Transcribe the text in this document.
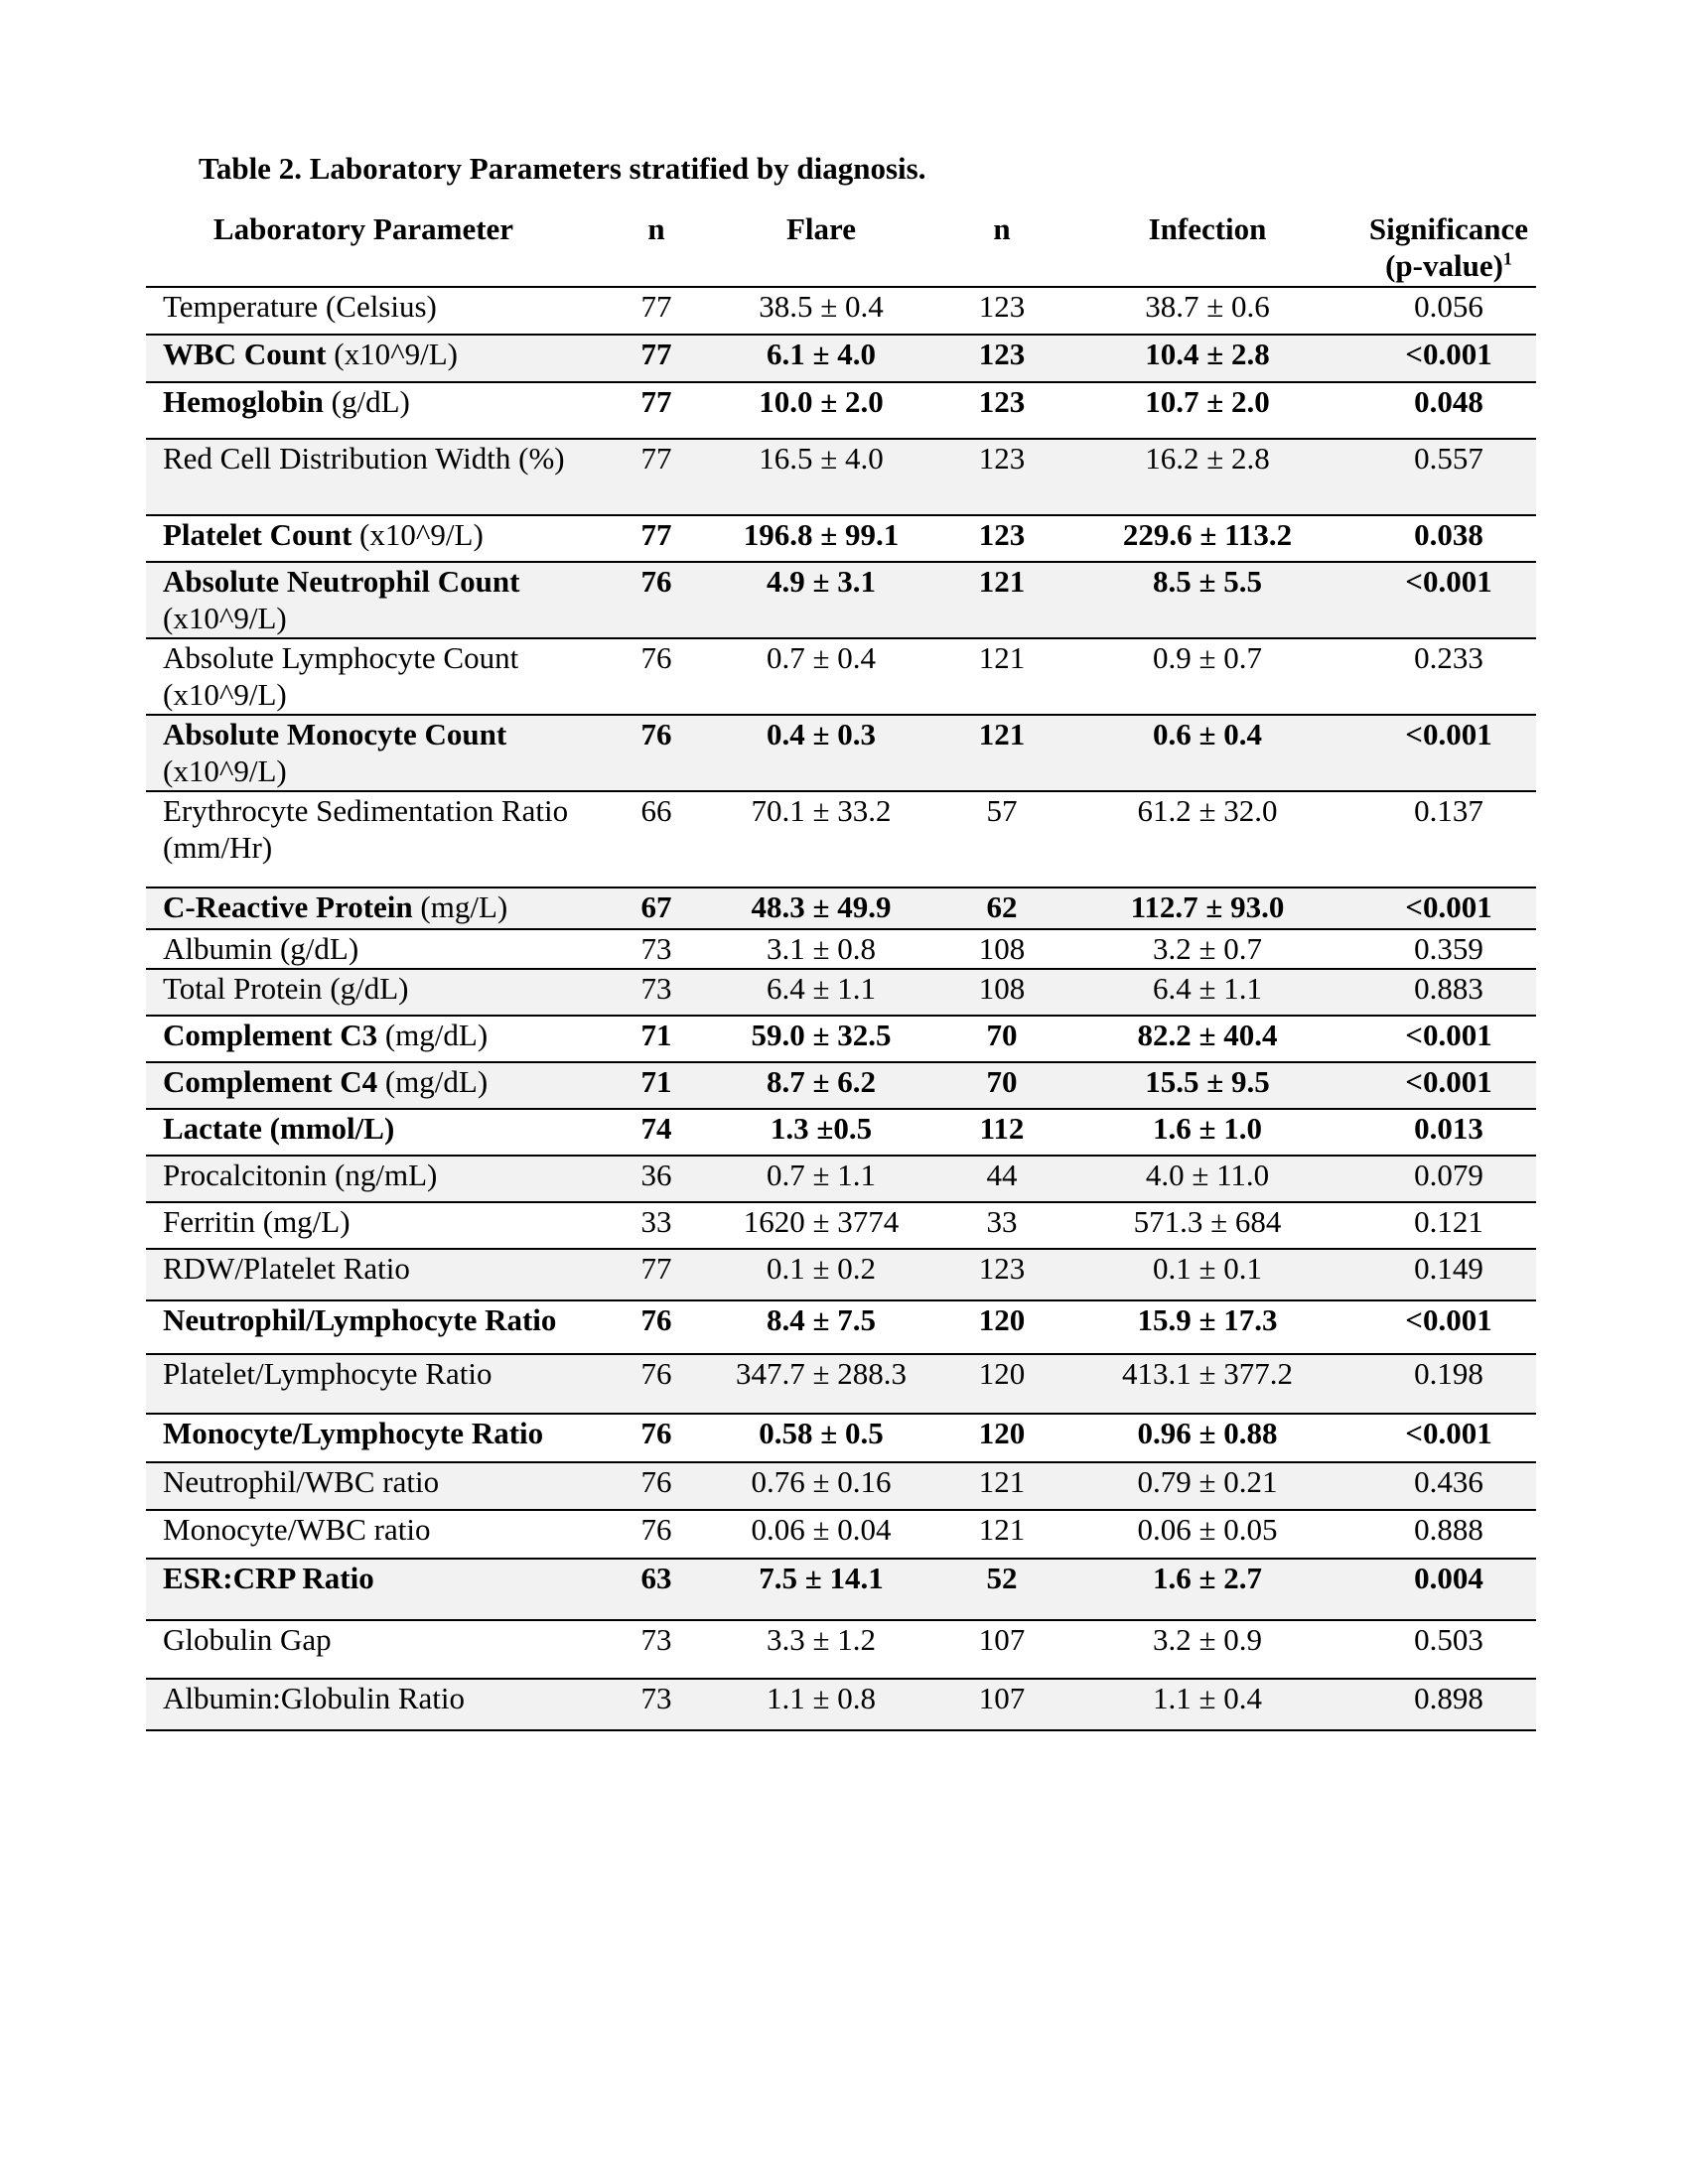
Table 2. Laboratory Parameters stratified by diagnosis.
Laboratory Parameter	n	Flare	n	Infection	Significance
(p-value)$^1$
Temperature (Celsius)	77	38.5 ± 0.4	123	38.7 ± 0.6	0.056
WBC Count (x10^9/L)	77	6.1 ± 4.0	123	10.4 ± 2.8	<0.001
Hemoglobin (g/dL)	77	10.0 ± 2.0	123	10.7 ± 2.0	0.048
Red Cell Distribution Width (%)	77	16.5 ± 4.0	123	16.2 ± 2.8	0.557
Platelet Count (x10^9/L)	77	196.8 ± 99.1	123	229.6 ± 113.2	0.038
Absolute Neutrophil Count (x10^9/L)	76	4.9 ± 3.1	121	8.5 ± 5.5	<0.001
Absolute Lymphocyte Count (x10^9/L)	76	0.7 ± 0.4	121	0.9 ± 0.7	0.233
Absolute Monocyte Count (x10^9/L)	76	0.4 ± 0.3	121	0.6 ± 0.4	<0.001
Erythrocyte Sedimentation Ratio (mm/Hr)	66	70.1 ± 33.2	57	61.2 ± 32.0	0.137
C-Reactive Protein (mg/L)	67	48.3 ± 49.9	62	112.7 ± 93.0	<0.001
Albumin (g/dL)	73	3.1 ± 0.8	108	3.2 ± 0.7	0.359
Total Protein (g/dL)	73	6.4 ± 1.1	108	6.4 ± 1.1	0.883
Complement C3 (mg/dL)	71	59.0 ± 32.5	70	82.2 ± 40.4	<0.001
Complement C4 (mg/dL)	71	8.7 ± 6.2	70	15.5 ± 9.5	<0.001
Lactate (mmol/L)	74	1.3 ±0.5	112	1.6 ± 1.0	0.013
Procalcitonin (ng/mL)	36	0.7 ± 1.1	44	4.0 ± 11.0	0.079
Ferritin (mg/L)	33	1620 ± 3774	33	571.3 ± 684	0.121
RDW/Platelet Ratio	77	0.1 ± 0.2	123	0.1 ± 0.1	0.149
Neutrophil/Lymphocyte Ratio	76	8.4 ± 7.5	120	15.9 ± 17.3	<0.001
Platelet/Lymphocyte Ratio	76	347.7 ± 288.3	120	413.1 ± 377.2	0.198
Monocyte/Lymphocyte Ratio	76	0.58 ± 0.5	120	0.96 ± 0.88	<0.001
Neutrophil/WBC ratio	76	0.76 ± 0.16	121	0.79 ± 0.21	0.436
Monocyte/WBC ratio	76	0.06 ± 0.04	121	0.06 ± 0.05	0.888
ESR:CRP Ratio	63	7.5 ± 14.1	52	1.6 ± 2.7	0.004
Globulin Gap	73	3.3 ± 1.2	107	3.2 ± 0.9	0.503
Albumin:Globulin Ratio	73	1.1 ± 0.8	107	1.1 ± 0.4	0.898
